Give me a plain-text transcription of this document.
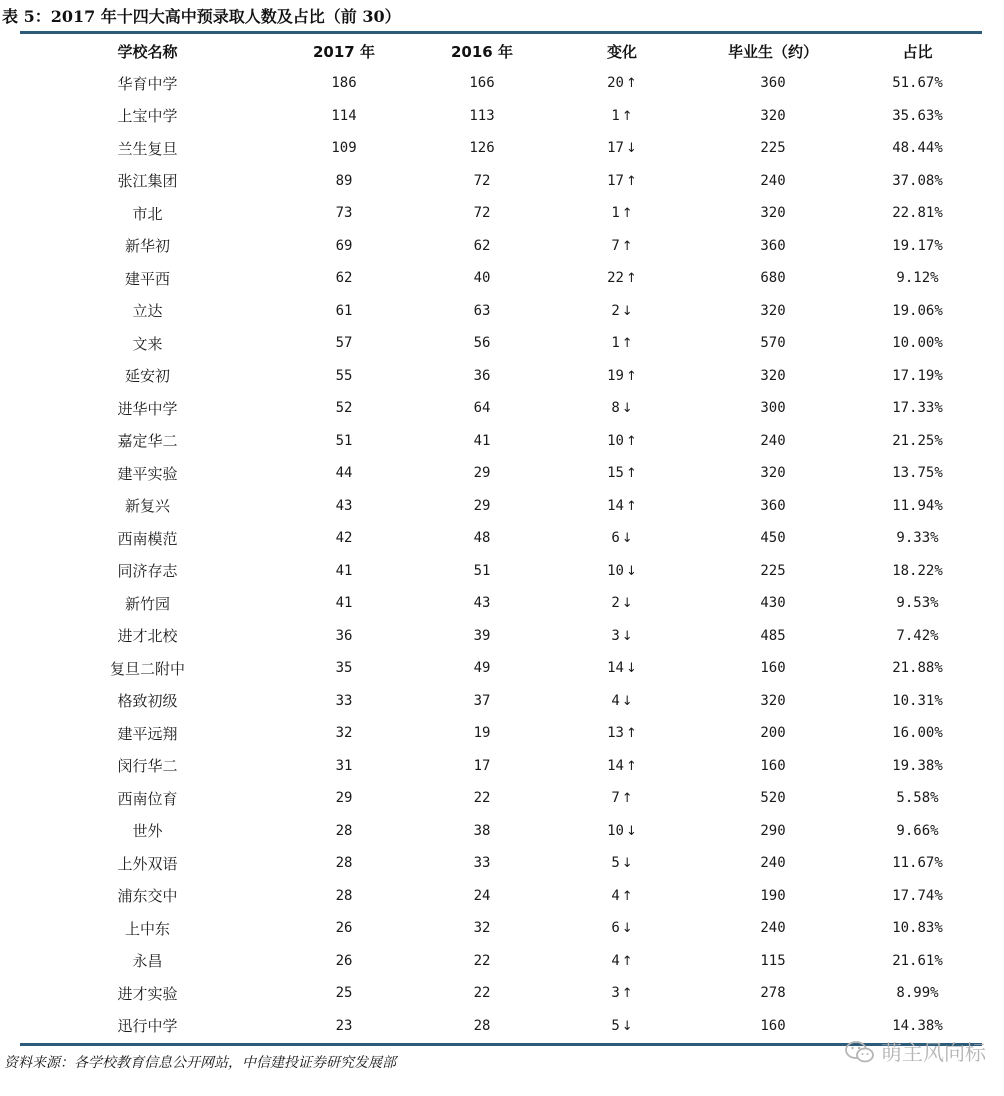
表 5：2017 年十四大高中预录取人数及占比（前 30）
学校名称	2017 年	2016 年	变化	毕业生（约）	占比
华育中学	186	166	20 ↑	360	51.67%
上宝中学	114	113	1 ↑	320	35.63%
兰生复旦	109	126	17 ↓	225	48.44%
张江集团	89	72	17 ↑	240	37.08%
市北	73	72	1 ↑	320	22.81%
新华初	69	62	7 ↑	360	19.17%
建平西	62	40	22 ↑	680	9.12%
立达	61	63	2 ↓	320	19.06%
文来	57	56	1 ↑	570	10.00%
延安初	55	36	19 ↑	320	17.19%
进华中学	52	64	8 ↓	300	17.33%
嘉定华二	51	41	10 ↑	240	21.25%
建平实验	44	29	15 ↑	320	13.75%
新复兴	43	29	14 ↑	360	11.94%
西南模范	42	48	6 ↓	450	9.33%
同济存志	41	51	10 ↓	225	18.22%
新竹园	41	43	2 ↓	430	9.53%
进才北校	36	39	3 ↓	485	7.42%
复旦二附中	35	49	14 ↓	160	21.88%
格致初级	33	37	4 ↓	320	10.31%
建平远翔	32	19	13 ↑	200	16.00%
闵行华二	31	17	14 ↑	160	19.38%
西南位育	29	22	7 ↑	520	5.58%
世外	28	38	10 ↓	290	9.66%
上外双语	28	33	5 ↓	240	11.67%
浦东交中	28	24	4 ↑	190	17.74%
上中东	26	32	6 ↓	240	10.83%
永昌	26	22	4 ↑	115	21.61%
进才实验	25	22	3 ↑	278	8.99%
迅行中学	23	28	5 ↓	160	14.38%
资料来源：各学校教育信息公开网站，中信建投证券研究发展部	萌主风向标
